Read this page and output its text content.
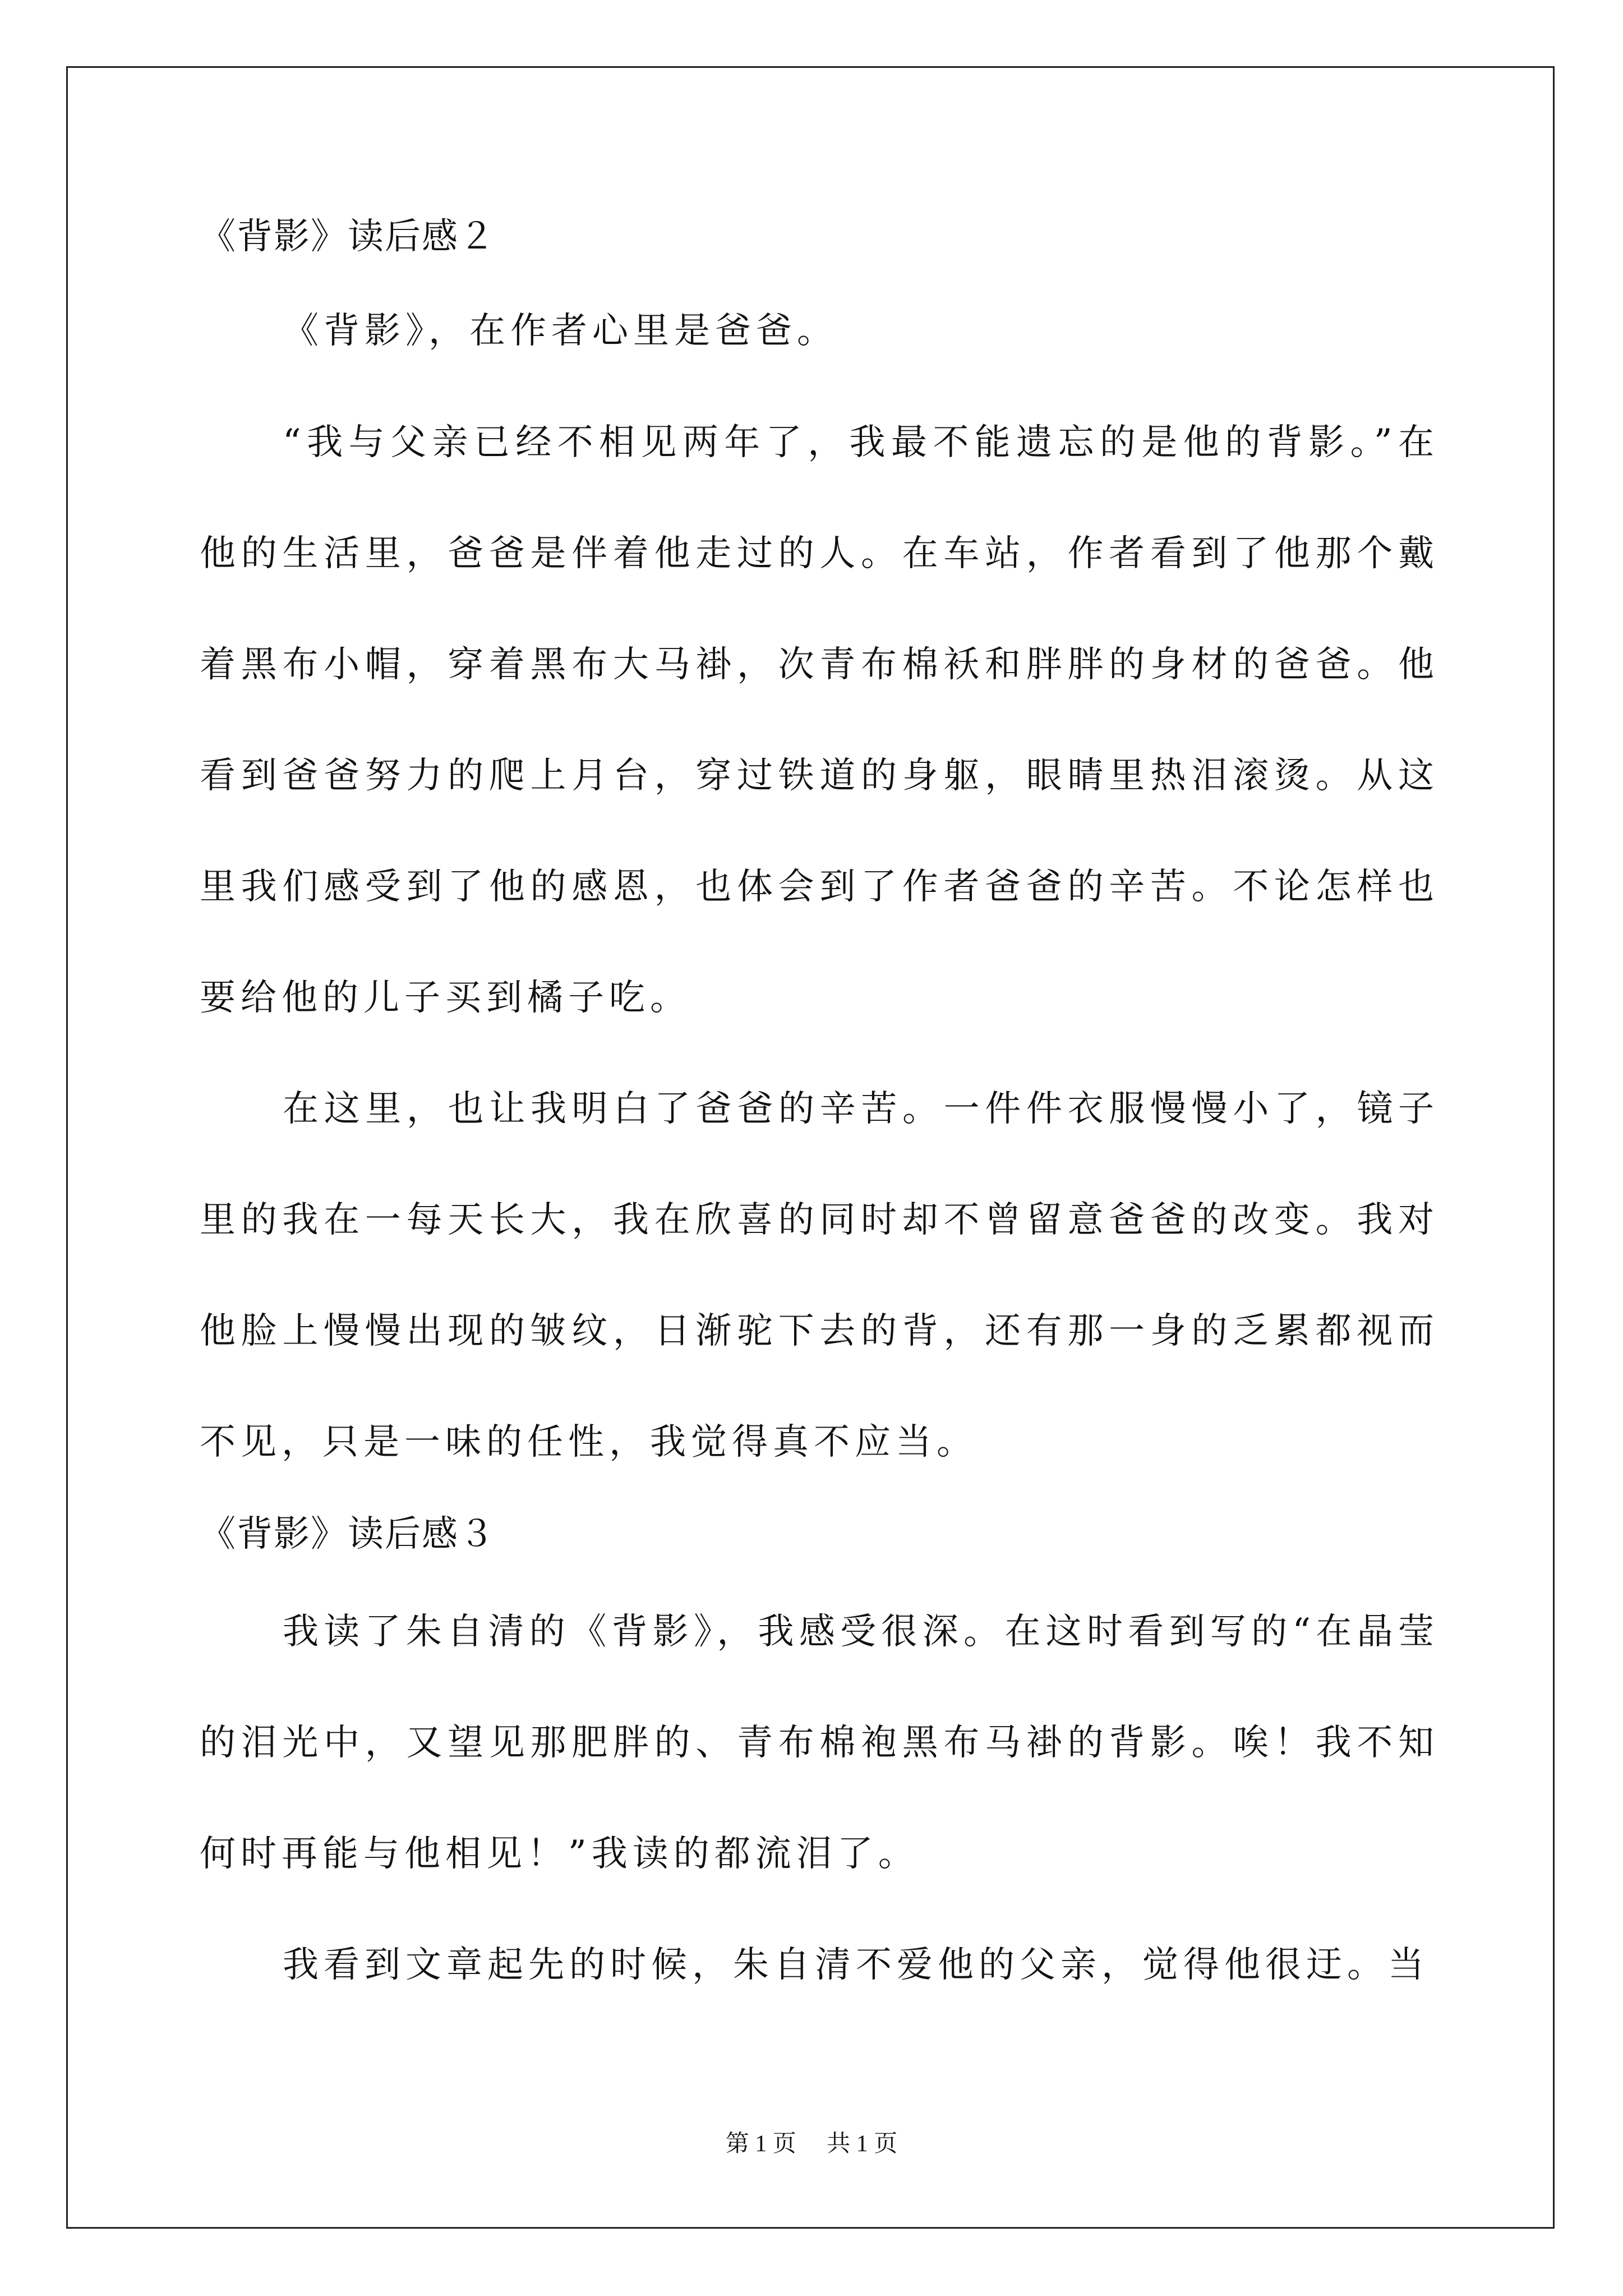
《背影》读后感２

《背影》，在作者心里是爸爸。

“我与父亲已经不相见两年了，我最不能遗忘的是他的背影。”在他的生活里，爸爸是伴着他走过的人。在车站，作者看到了他那个戴着黑布小帽，穿着黑布大马褂，次青布棉袄和胖胖的身材的爸爸。他看到爸爸努力的爬上月台，穿过铁道的身躯，眼睛里热泪滚烫。从这里我们感受到了他的感恩，也体会到了作者爸爸的辛苦。不论怎样也要给他的儿子买到橘子吃。

在这里，也让我明白了爸爸的辛苦。一件件衣服慢慢小了，镜子里的我在一每天长大，我在欣喜的同时却不曾留意爸爸的改变。我对他脸上慢慢出现的皱纹，日渐驼下去的背，还有那一身的乏累都视而不见，只是一味的任性，我觉得真不应当。

《背影》读后感３

我读了朱自清的《背影》，我感受很深。在这时看到写的“在晶莹的泪光中，又望见那肥胖的、青布棉袍黑布马褂的背影。唉！我不知何时再能与他相见！”我读的都流泪了。

我看到文章起先的时候，朱自清不爱他的父亲，觉得他很迂。当

第 1 页 共 1 页
